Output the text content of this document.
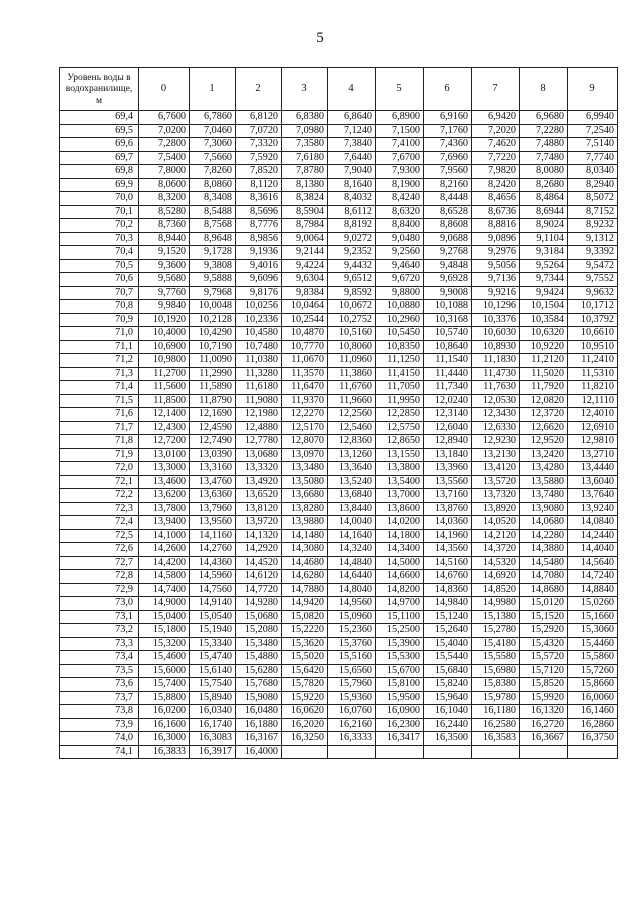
5
Уровень воды в водохранилище, м	0	1	2	3	4	5	6	7	8	9
69,4	6,7600	6,7860	6,8120	6,8380	6,8640	6,8900	6,9160	6,9420	6,9680	6,9940
69,5	7,0200	7,0460	7,0720	7,0980	7,1240	7,1500	7,1760	7,2020	7,2280	7,2540
69,6	7,2800	7,3060	7,3320	7,3580	7,3840	7,4100	7,4360	7,4620	7,4880	7,5140
69,7	7,5400	7,5660	7,5920	7,6180	7,6440	7,6700	7,6960	7,7220	7,7480	7,7740
69,8	7,8000	7,8260	7,8520	7,8780	7,9040	7,9300	7,9560	7,9820	8,0080	8,0340
69,9	8,0600	8,0860	8,1120	8,1380	8,1640	8,1900	8,2160	8,2420	8,2680	8,2940
70,0	8,3200	8,3408	8,3616	8,3824	8,4032	8,4240	8,4448	8,4656	8,4864	8,5072
70,1	8,5280	8,5488	8,5696	8,5904	8,6112	8,6320	8,6528	8,6736	8,6944	8,7152
70,2	8,7360	8,7568	8,7776	8,7984	8,8192	8,8400	8,8608	8,8816	8,9024	8,9232
70,3	8,9440	8,9648	8,9856	9,0064	9,0272	9,0480	9,0688	9,0896	9,1104	9,1312
70,4	9,1520	9,1728	9,1936	9,2144	9,2352	9,2560	9,2768	9,2976	9,3184	9,3392
70,5	9,3600	9,3808	9,4016	9,4224	9,4432	9,4640	9,4848	9,5056	9,5264	9,5472
70,6	9,5680	9,5888	9,6096	9,6304	9,6512	9,6720	9,6928	9,7136	9,7344	9,7552
70,7	9,7760	9,7968	9,8176	9,8384	9,8592	9,8800	9,9008	9,9216	9,9424	9,9632
70,8	9,9840	10,0048	10,0256	10,0464	10,0672	10,0880	10,1088	10,1296	10,1504	10,1712
70,9	10,1920	10,2128	10,2336	10,2544	10,2752	10,2960	10,3168	10,3376	10,3584	10,3792
71,0	10,4000	10,4290	10,4580	10,4870	10,5160	10,5450	10,5740	10,6030	10,6320	10,6610
71,1	10,6900	10,7190	10,7480	10,7770	10,8060	10,8350	10,8640	10,8930	10,9220	10,9510
71,2	10,9800	11,0090	11,0380	11,0670	11,0960	11,1250	11,1540	11,1830	11,2120	11,2410
71,3	11,2700	11,2990	11,3280	11,3570	11,3860	11,4150	11,4440	11,4730	11,5020	11,5310
71,4	11,5600	11,5890	11,6180	11,6470	11,6760	11,7050	11,7340	11,7630	11,7920	11,8210
71,5	11,8500	11,8790	11,9080	11,9370	11,9660	11,9950	12,0240	12,0530	12,0820	12,1110
71,6	12,1400	12,1690	12,1980	12,2270	12,2560	12,2850	12,3140	12,3430	12,3720	12,4010
71,7	12,4300	12,4590	12,4880	12,5170	12,5460	12,5750	12,6040	12,6330	12,6620	12,6910
71,8	12,7200	12,7490	12,7780	12,8070	12,8360	12,8650	12,8940	12,9230	12,9520	12,9810
71,9	13,0100	13,0390	13,0680	13,0970	13,1260	13,1550	13,1840	13,2130	13,2420	13,2710
72,0	13,3000	13,3160	13,3320	13,3480	13,3640	13,3800	13,3960	13,4120	13,4280	13,4440
72,1	13,4600	13,4760	13,4920	13,5080	13,5240	13,5400	13,5560	13,5720	13,5880	13,6040
72,2	13,6200	13,6360	13,6520	13,6680	13,6840	13,7000	13,7160	13,7320	13,7480	13,7640
72,3	13,7800	13,7960	13,8120	13,8280	13,8440	13,8600	13,8760	13,8920	13,9080	13,9240
72,4	13,9400	13,9560	13,9720	13,9880	14,0040	14,0200	14,0360	14,0520	14,0680	14,0840
72,5	14,1000	14,1160	14,1320	14,1480	14,1640	14,1800	14,1960	14,2120	14,2280	14,2440
72,6	14,2600	14,2760	14,2920	14,3080	14,3240	14,3400	14,3560	14,3720	14,3880	14,4040
72,7	14,4200	14,4360	14,4520	14,4680	14,4840	14,5000	14,5160	14,5320	14,5480	14,5640
72,8	14,5800	14,5960	14,6120	14,6280	14,6440	14,6600	14,6760	14,6920	14,7080	14,7240
72,9	14,7400	14,7560	14,7720	14,7880	14,8040	14,8200	14,8360	14,8520	14,8680	14,8840
73,0	14,9000	14,9140	14,9280	14,9420	14,9560	14,9700	14,9840	14,9980	15,0120	15,0260
73,1	15,0400	15,0540	15,0680	15,0820	15,0960	15,1100	15,1240	15,1380	15,1520	15,1660
73,2	15,1800	15,1940	15,2080	15,2220	15,2360	15,2500	15,2640	15,2780	15,2920	15,3060
73,3	15,3200	15,3340	15,3480	15,3620	15,3760	15,3900	15,4040	15,4180	15,4320	15,4460
73,4	15,4600	15,4740	15,4880	15,5020	15,5160	15,5300	15,5440	15,5580	15,5720	15,5860
73,5	15,6000	15,6140	15,6280	15,6420	15,6560	15,6700	15,6840	15,6980	15,7120	15,7260
73,6	15,7400	15,7540	15,7680	15,7820	15,7960	15,8100	15,8240	15,8380	15,8520	15,8660
73,7	15,8800	15,8940	15,9080	15,9220	15,9360	15,9500	15,9640	15,9780	15,9920	16,0060
73,8	16,0200	16,0340	16,0480	16,0620	16,0760	16,0900	16,1040	16,1180	16,1320	16,1460
73,9	16,1600	16,1740	16,1880	16,2020	16,2160	16,2300	16,2440	16,2580	16,2720	16,2860
74,0	16,3000	16,3083	16,3167	16,3250	16,3333	16,3417	16,3500	16,3583	16,3667	16,3750
74,1	16,3833	16,3917	16,4000							
